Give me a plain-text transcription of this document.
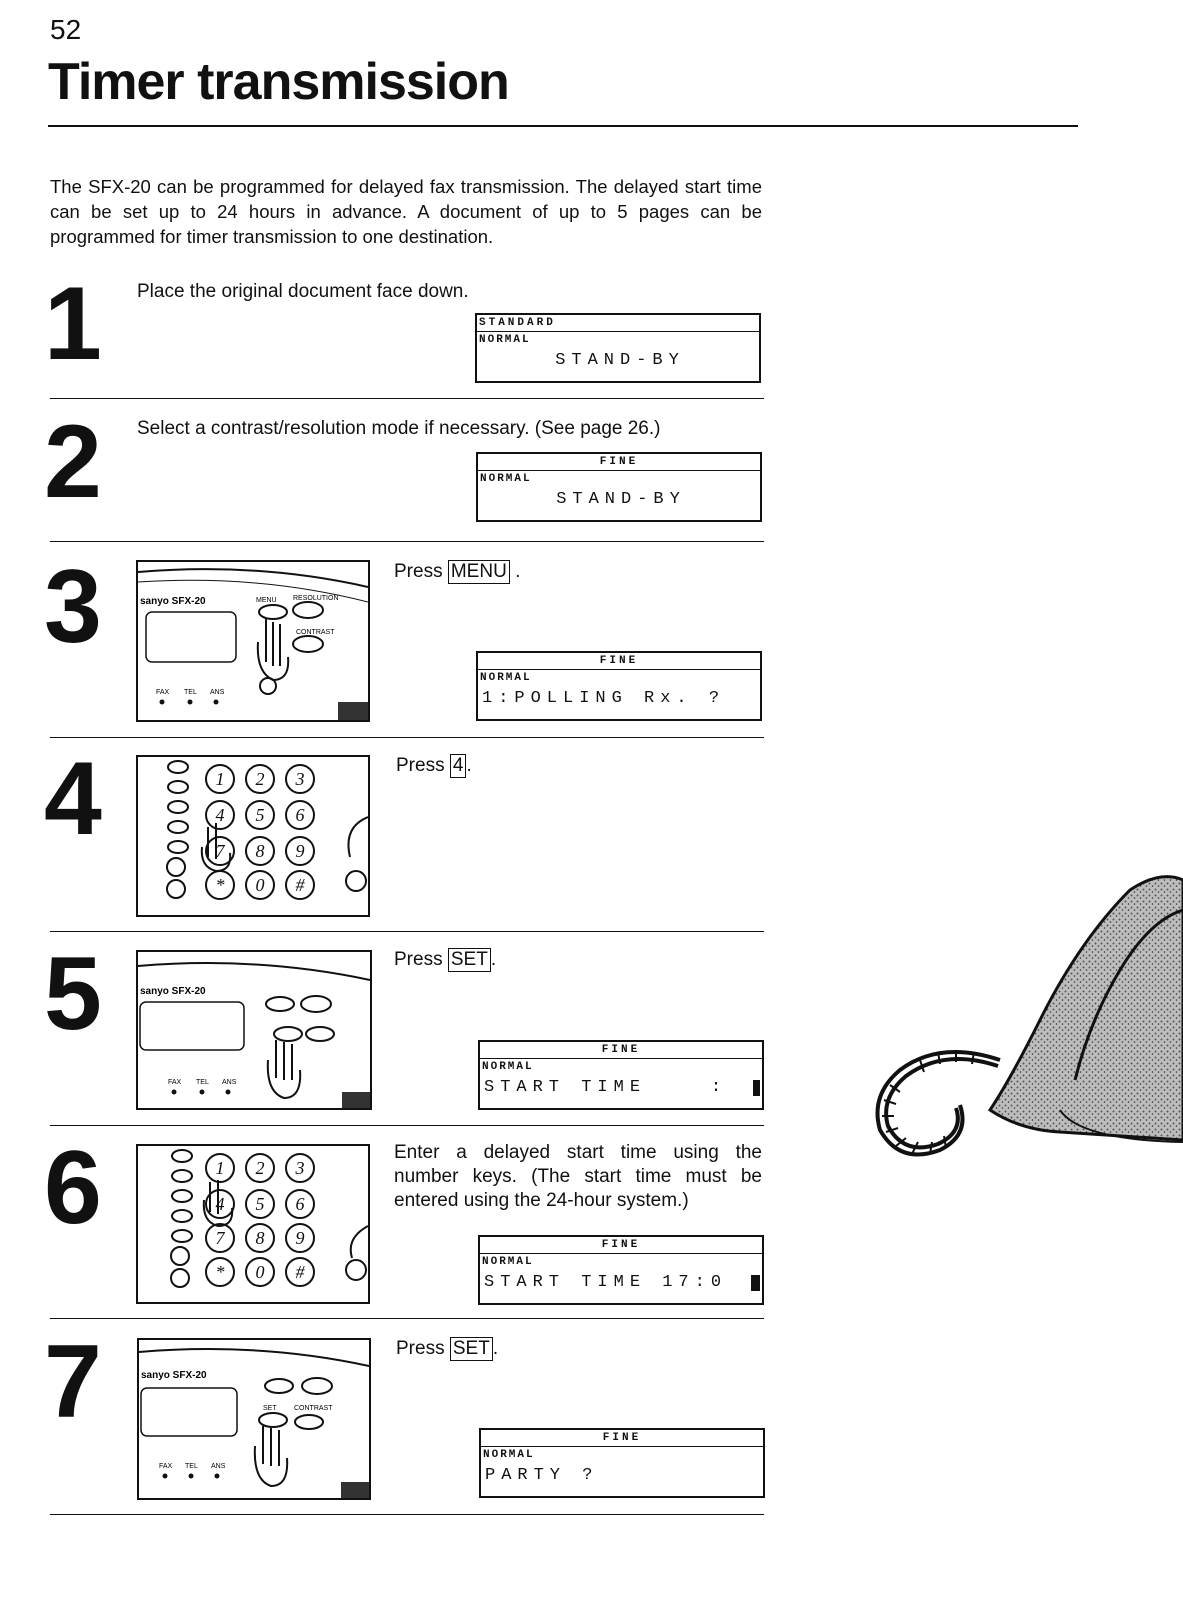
52
Timer transmission
The SFX-20 can be programmed for delayed fax transmission. The delayed start time can be set up to 24 hours in advance. A document of up to 5 pages can be programmed for timer transmission to one destination.
1 Place the original document face down.
STANDARD
NORMAL
STAND-BY
2 Select a contrast/resolution mode if necessary. (See page 26.)
FINE
NORMAL
STAND-BY
3	sanyo SFX-20	MENU RESOLUTION
CONTRAST
FAX TEL ANS
Press MENU .
FINE
NORMAL
1:POLLING Rx. ?
4	1 2 3
4 5 6
7 8 9
* 0 #
Press 4 .
5	sanyo SFX-20
FAX TEL ANS
Press SET .
FINE
NORMAL
START TIME    :
6	1 2 3
4 5 6
7 8 9
* 0 #
Enter a delayed start time using the number keys. (The start time must be entered using the 24-hour system.)
FINE
NORMAL
START TIME 17:0
7	sanyo SFX-20
SET CONTRAST
FAX TEL ANS
Press SET .
FINE
NORMAL
PARTY ?
